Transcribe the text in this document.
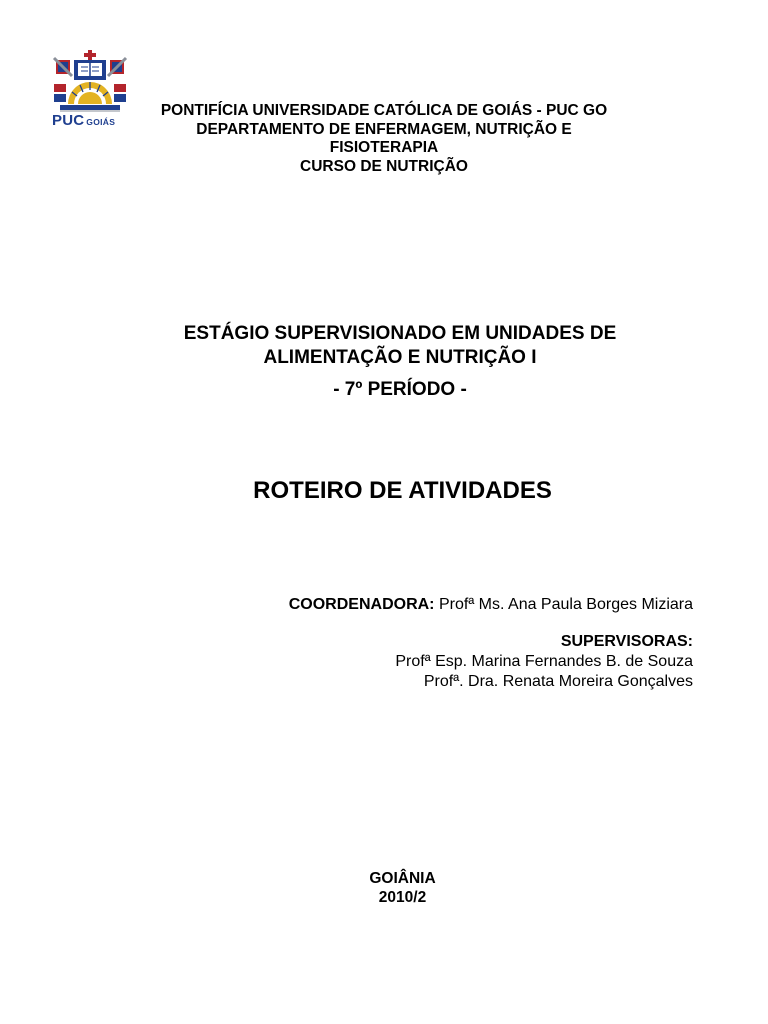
PUC GOIÁS
PONTIFÍCIA UNIVERSIDADE CATÓLICA DE GOIÁS - PUC GO
DEPARTAMENTO DE ENFERMAGEM, NUTRIÇÃO E
FISIOTERAPIA
CURSO DE NUTRIÇÃO
ESTÁGIO SUPERVISIONADO EM UNIDADES DE
ALIMENTAÇÃO E NUTRIÇÃO I
- 7º PERÍODO -
ROTEIRO DE ATIVIDADES
COORDENADORA: Profª Ms. Ana Paula Borges Miziara
SUPERVISORAS:
Profª Esp. Marina Fernandes B. de Souza
Profª. Dra. Renata Moreira Gonçalves
GOIÂNIA
2010/2
